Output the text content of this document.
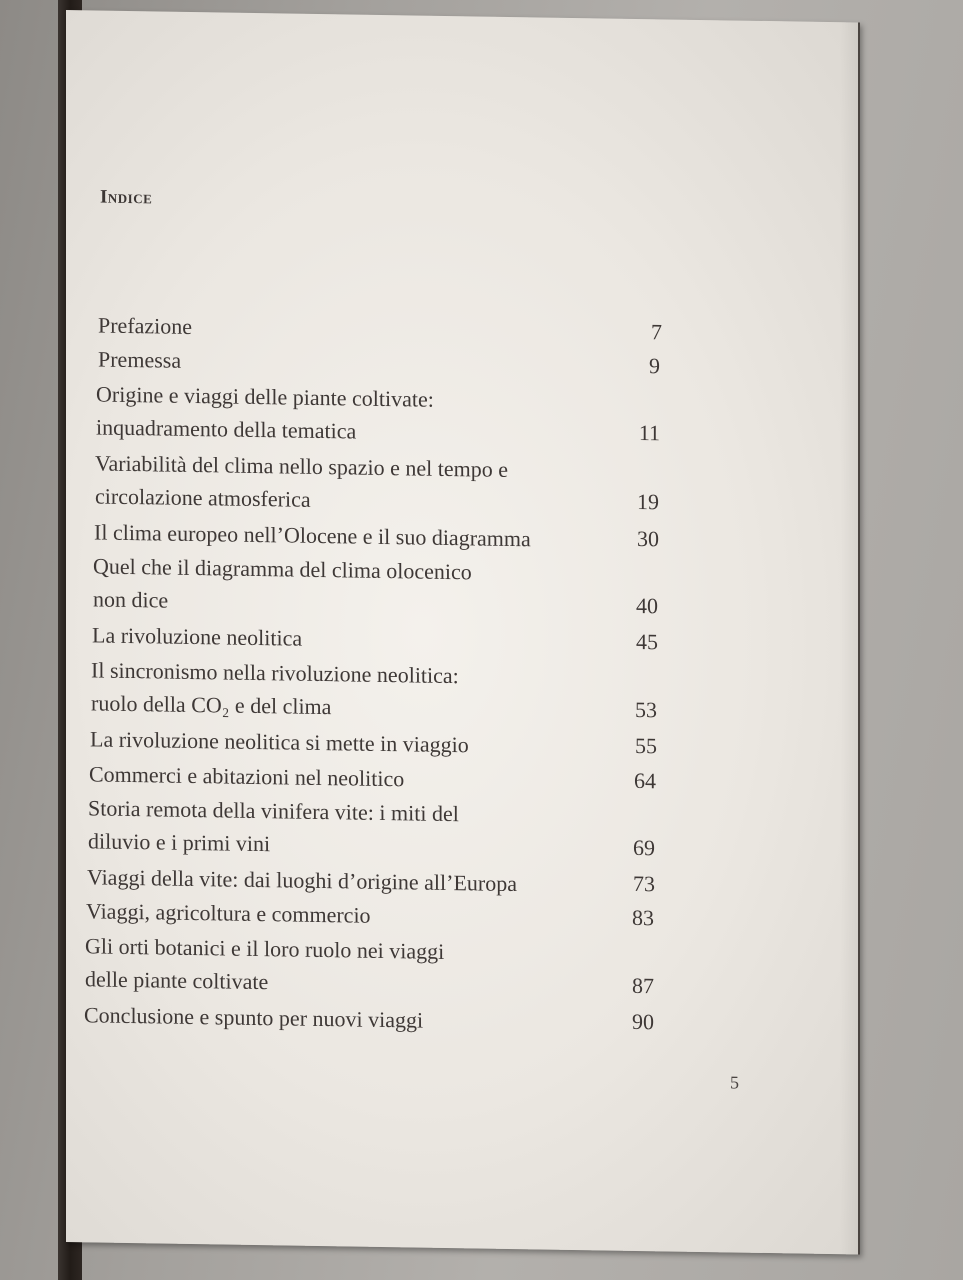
Indice
Prefazione	7
Premessa	9
Origine e viaggi delle piante coltivate:
inquadramento della tematica	11
Variabilità del clima nello spazio e nel tempo e
circolazione atmosferica	19
Il clima europeo nell’Olocene e il suo diagramma	30
Quel che il diagramma del clima olocenico
non dice	40
La rivoluzione neolitica	45
Il sincronismo nella rivoluzione neolitica:
ruolo della CO₂ e del clima	53
La rivoluzione neolitica si mette in viaggio	55
Commerci e abitazioni nel neolitico	64
Storia remota della vinifera vite: i miti del
diluvio e i primi vini	69
Viaggi della vite: dai luoghi d’origine all’Europa	73
Viaggi, agricoltura e commercio	83
Gli orti botanici e il loro ruolo nei viaggi
delle piante coltivate	87
Conclusione e spunto per nuovi viaggi	90
5
